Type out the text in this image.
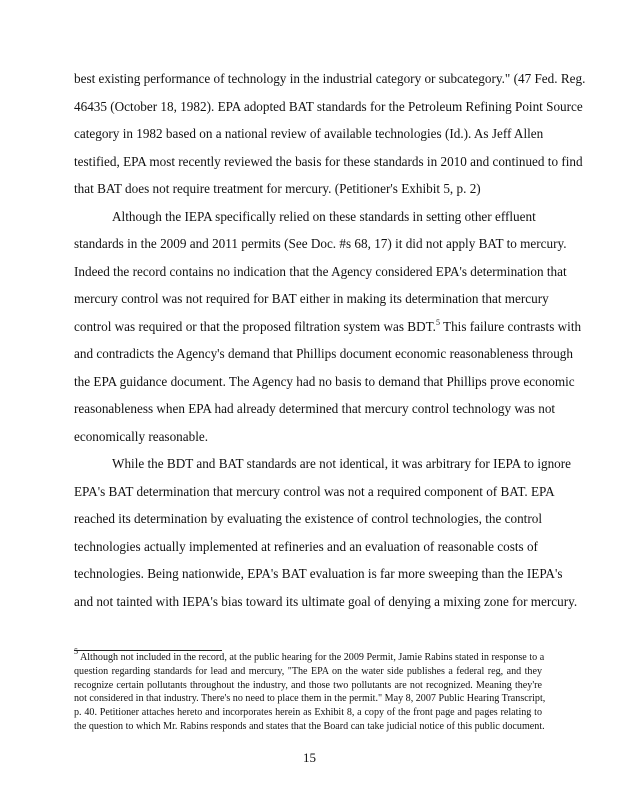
best existing performance of technology in the industrial category or subcategory." (47 Fed. Reg.
46435 (October 18, 1982). EPA adopted BAT standards for the Petroleum Refining Point Source
category in 1982 based on a national review of available technologies (Id.). As Jeff Allen
testified, EPA most recently reviewed the basis for these standards in 2010 and continued to find
that BAT does not require treatment for mercury. (Petitioner's Exhibit 5, p. 2)
Although the IEPA specifically relied on these standards in setting other effluent
standards in the 2009 and 2011 permits (See Doc. #s 68, 17) it did not apply BAT to mercury.
Indeed the record contains no indication that the Agency considered EPA's determination that
mercury control was not required for BAT either in making its determination that mercury
control was required or that the proposed filtration system was BDT.$^5$ This failure contrasts with
and contradicts the Agency's demand that Phillips document economic reasonableness through
the EPA guidance document. The Agency had no basis to demand that Phillips prove economic
reasonableness when EPA had already determined that mercury control technology was not
economically reasonable.
While the BDT and BAT standards are not identical, it was arbitrary for IEPA to ignore
EPA's BAT determination that mercury control was not a required component of BAT. EPA
reached its determination by evaluating the existence of control technologies, the control
technologies actually implemented at refineries and an evaluation of reasonable costs of
technologies. Being nationwide, EPA's BAT evaluation is far more sweeping than the IEPA's
and not tainted with IEPA's bias toward its ultimate goal of denying a mixing zone for mercury.
$^5$ Although not included in the record, at the public hearing for the 2009 Permit, Jamie Rabins stated in response to a
question regarding standards for lead and mercury, "The EPA on the water side publishes a federal reg, and they
recognize certain pollutants throughout the industry, and those two pollutants are not recognized. Meaning they're
not considered in that industry. There's no need to place them in the permit." May 8, 2007 Public Hearing Transcript,
p. 40. Petitioner attaches hereto and incorporates herein as Exhibit 8, a copy of the front page and pages relating to
the question to which Mr. Rabins responds and states that the Board can take judicial notice of this public document.
15
